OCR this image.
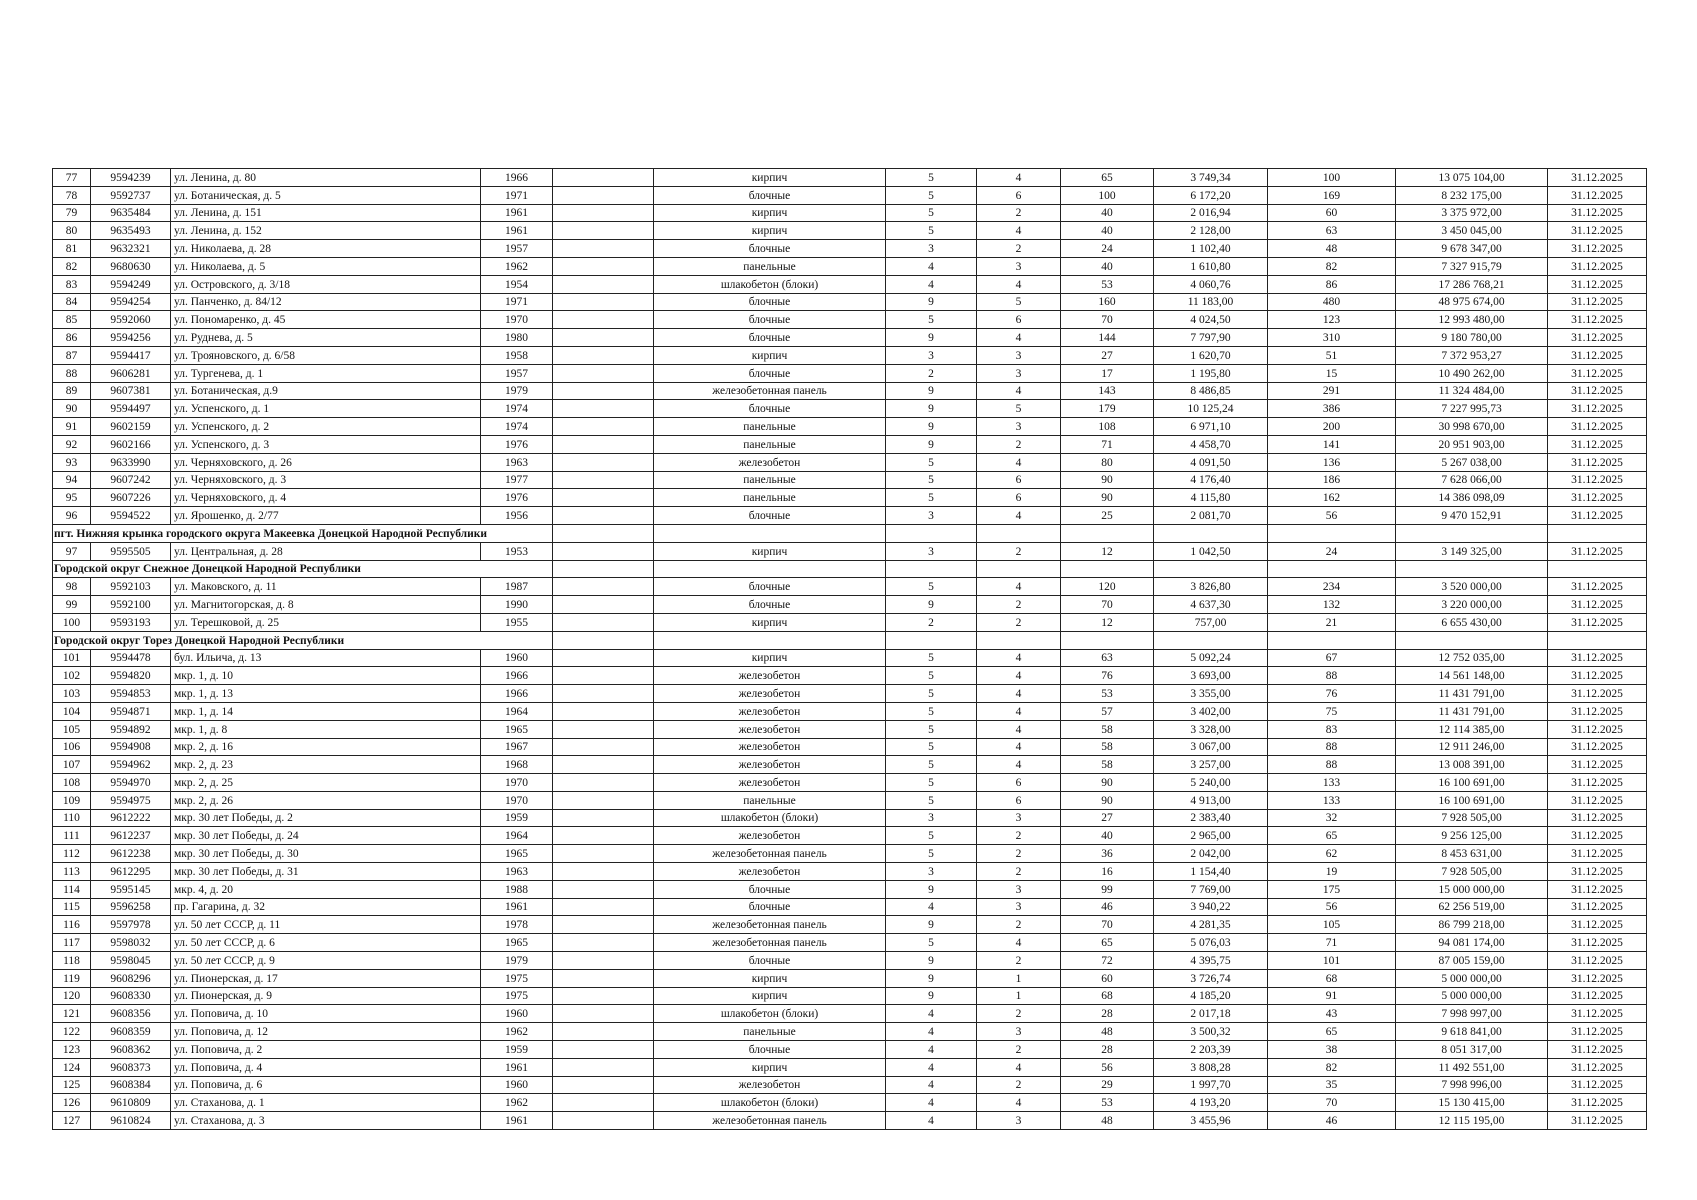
77	9594239	ул. Ленина, д. 80	1966		кирпич	5	4	65	3 749,34	100	13 075 104,00	31.12.2025
78	9592737	ул. Ботаническая, д. 5	1971		блочные	5	6	100	6 172,20	169	8 232 175,00	31.12.2025
79	9635484	ул. Ленина, д. 151	1961		кирпич	5	2	40	2 016,94	60	3 375 972,00	31.12.2025
80	9635493	ул. Ленина, д. 152	1961		кирпич	5	4	40	2 128,00	63	3 450 045,00	31.12.2025
81	9632321	ул. Николаева, д. 28	1957		блочные	3	2	24	1 102,40	48	9 678 347,00	31.12.2025
82	9680630	ул. Николаева, д. 5	1962		панельные	4	3	40	1 610,80	82	7 327 915,79	31.12.2025
83	9594249	ул. Островского, д. 3/18	1954		шлакобетон (блоки)	4	4	53	4 060,76	86	17 286 768,21	31.12.2025
84	9594254	ул. Панченко, д. 84/12	1971		блочные	9	5	160	11 183,00	480	48 975 674,00	31.12.2025
85	9592060	ул. Пономаренко, д. 45	1970		блочные	5	6	70	4 024,50	123	12 993 480,00	31.12.2025
86	9594256	ул. Руднева, д. 5	1980		блочные	9	4	144	7 797,90	310	9 180 780,00	31.12.2025
87	9594417	ул. Трояновского, д. 6/58	1958		кирпич	3	3	27	1 620,70	51	7 372 953,27	31.12.2025
88	9606281	ул. Тургенева, д. 1	1957		блочные	2	3	17	1 195,80	15	10 490 262,00	31.12.2025
89	9607381	ул. Ботаническая, д.9	1979		железобетонная панель	9	4	143	8 486,85	291	11 324 484,00	31.12.2025
90	9594497	ул. Успенского, д. 1	1974		блочные	9	5	179	10 125,24	386	7 227 995,73	31.12.2025
91	9602159	ул. Успенского, д. 2	1974		панельные	9	3	108	6 971,10	200	30 998 670,00	31.12.2025
92	9602166	ул. Успенского, д. 3	1976		панельные	9	2	71	4 458,70	141	20 951 903,00	31.12.2025
93	9633990	ул. Черняховского, д. 26	1963		железобетон	5	4	80	4 091,50	136	5 267 038,00	31.12.2025
94	9607242	ул. Черняховского, д. 3	1977		панельные	5	6	90	4 176,40	186	7 628 066,00	31.12.2025
95	9607226	ул. Черняховского, д. 4	1976		панельные	5	6	90	4 115,80	162	14 386 098,09	31.12.2025
96	9594522	ул. Ярошенко, д. 2/77	1956		блочные	3	4	25	2 081,70	56	9 470 152,91	31.12.2025
пгт. Нижняя крынка городского округа Макеевка Донецкой Народной Республики												
97	9595505	ул. Центральная, д. 28	1953		кирпич	3	2	12	1 042,50	24	3 149 325,00	31.12.2025
Городской округ Снежное Донецкой Народной Республики												
98	9592103	ул. Маковского, д. 11	1987		блочные	5	4	120	3 826,80	234	3 520 000,00	31.12.2025
99	9592100	ул. Магнитогорская, д. 8	1990		блочные	9	2	70	4 637,30	132	3 220 000,00	31.12.2025
100	9593193	ул. Терешковой, д. 25	1955		кирпич	2	2	12	757,00	21	6 655 430,00	31.12.2025
Городской округ Торез Донецкой Народной Республики												
101	9594478	бул. Ильича, д. 13	1960		кирпич	5	4	63	5 092,24	67	12 752 035,00	31.12.2025
102	9594820	мкр. 1, д. 10	1966		железобетон	5	4	76	3 693,00	88	14 561 148,00	31.12.2025
103	9594853	мкр. 1, д. 13	1966		железобетон	5	4	53	3 355,00	76	11 431 791,00	31.12.2025
104	9594871	мкр. 1, д. 14	1964		железобетон	5	4	57	3 402,00	75	11 431 791,00	31.12.2025
105	9594892	мкр. 1, д. 8	1965		железобетон	5	4	58	3 328,00	83	12 114 385,00	31.12.2025
106	9594908	мкр. 2, д. 16	1967		железобетон	5	4	58	3 067,00	88	12 911 246,00	31.12.2025
107	9594962	мкр. 2, д. 23	1968		железобетон	5	4	58	3 257,00	88	13 008 391,00	31.12.2025
108	9594970	мкр. 2, д. 25	1970		железобетон	5	6	90	5 240,00	133	16 100 691,00	31.12.2025
109	9594975	мкр. 2, д. 26	1970		панельные	5	6	90	4 913,00	133	16 100 691,00	31.12.2025
110	9612222	мкр. 30 лет Победы, д. 2	1959		шлакобетон (блоки)	3	3	27	2 383,40	32	7 928 505,00	31.12.2025
111	9612237	мкр. 30 лет Победы, д. 24	1964		железобетон	5	2	40	2 965,00	65	9 256 125,00	31.12.2025
112	9612238	мкр. 30 лет Победы, д. 30	1965		железобетонная панель	5	2	36	2 042,00	62	8 453 631,00	31.12.2025
113	9612295	мкр. 30 лет Победы, д. 31	1963		железобетон	3	2	16	1 154,40	19	7 928 505,00	31.12.2025
114	9595145	мкр. 4, д. 20	1988		блочные	9	3	99	7 769,00	175	15 000 000,00	31.12.2025
115	9596258	пр. Гагарина, д. 32	1961		блочные	4	3	46	3 940,22	56	62 256 519,00	31.12.2025
116	9597978	ул. 50 лет СССР, д. 11	1978		железобетонная панель	9	2	70	4 281,35	105	86 799 218,00	31.12.2025
117	9598032	ул. 50 лет СССР, д. 6	1965		железобетонная панель	5	4	65	5 076,03	71	94 081 174,00	31.12.2025
118	9598045	ул. 50 лет СССР, д. 9	1979		блочные	9	2	72	4 395,75	101	87 005 159,00	31.12.2025
119	9608296	ул. Пионерская, д. 17	1975		кирпич	9	1	60	3 726,74	68	5 000 000,00	31.12.2025
120	9608330	ул. Пионерская, д. 9	1975		кирпич	9	1	68	4 185,20	91	5 000 000,00	31.12.2025
121	9608356	ул. Поповича, д. 10	1960		шлакобетон (блоки)	4	2	28	2 017,18	43	7 998 997,00	31.12.2025
122	9608359	ул. Поповича, д. 12	1962		панельные	4	3	48	3 500,32	65	9 618 841,00	31.12.2025
123	9608362	ул. Поповича, д. 2	1959		блочные	4	2	28	2 203,39	38	8 051 317,00	31.12.2025
124	9608373	ул. Поповича, д. 4	1961		кирпич	4	4	56	3 808,28	82	11 492 551,00	31.12.2025
125	9608384	ул. Поповича, д. 6	1960		железобетон	4	2	29	1 997,70	35	7 998 996,00	31.12.2025
126	9610809	ул. Стаханова, д. 1	1962		шлакобетон (блоки)	4	4	53	4 193,20	70	15 130 415,00	31.12.2025
127	9610824	ул. Стаханова, д. 3	1961		железобетонная панель	4	3	48	3 455,96	46	12 115 195,00	31.12.2025
